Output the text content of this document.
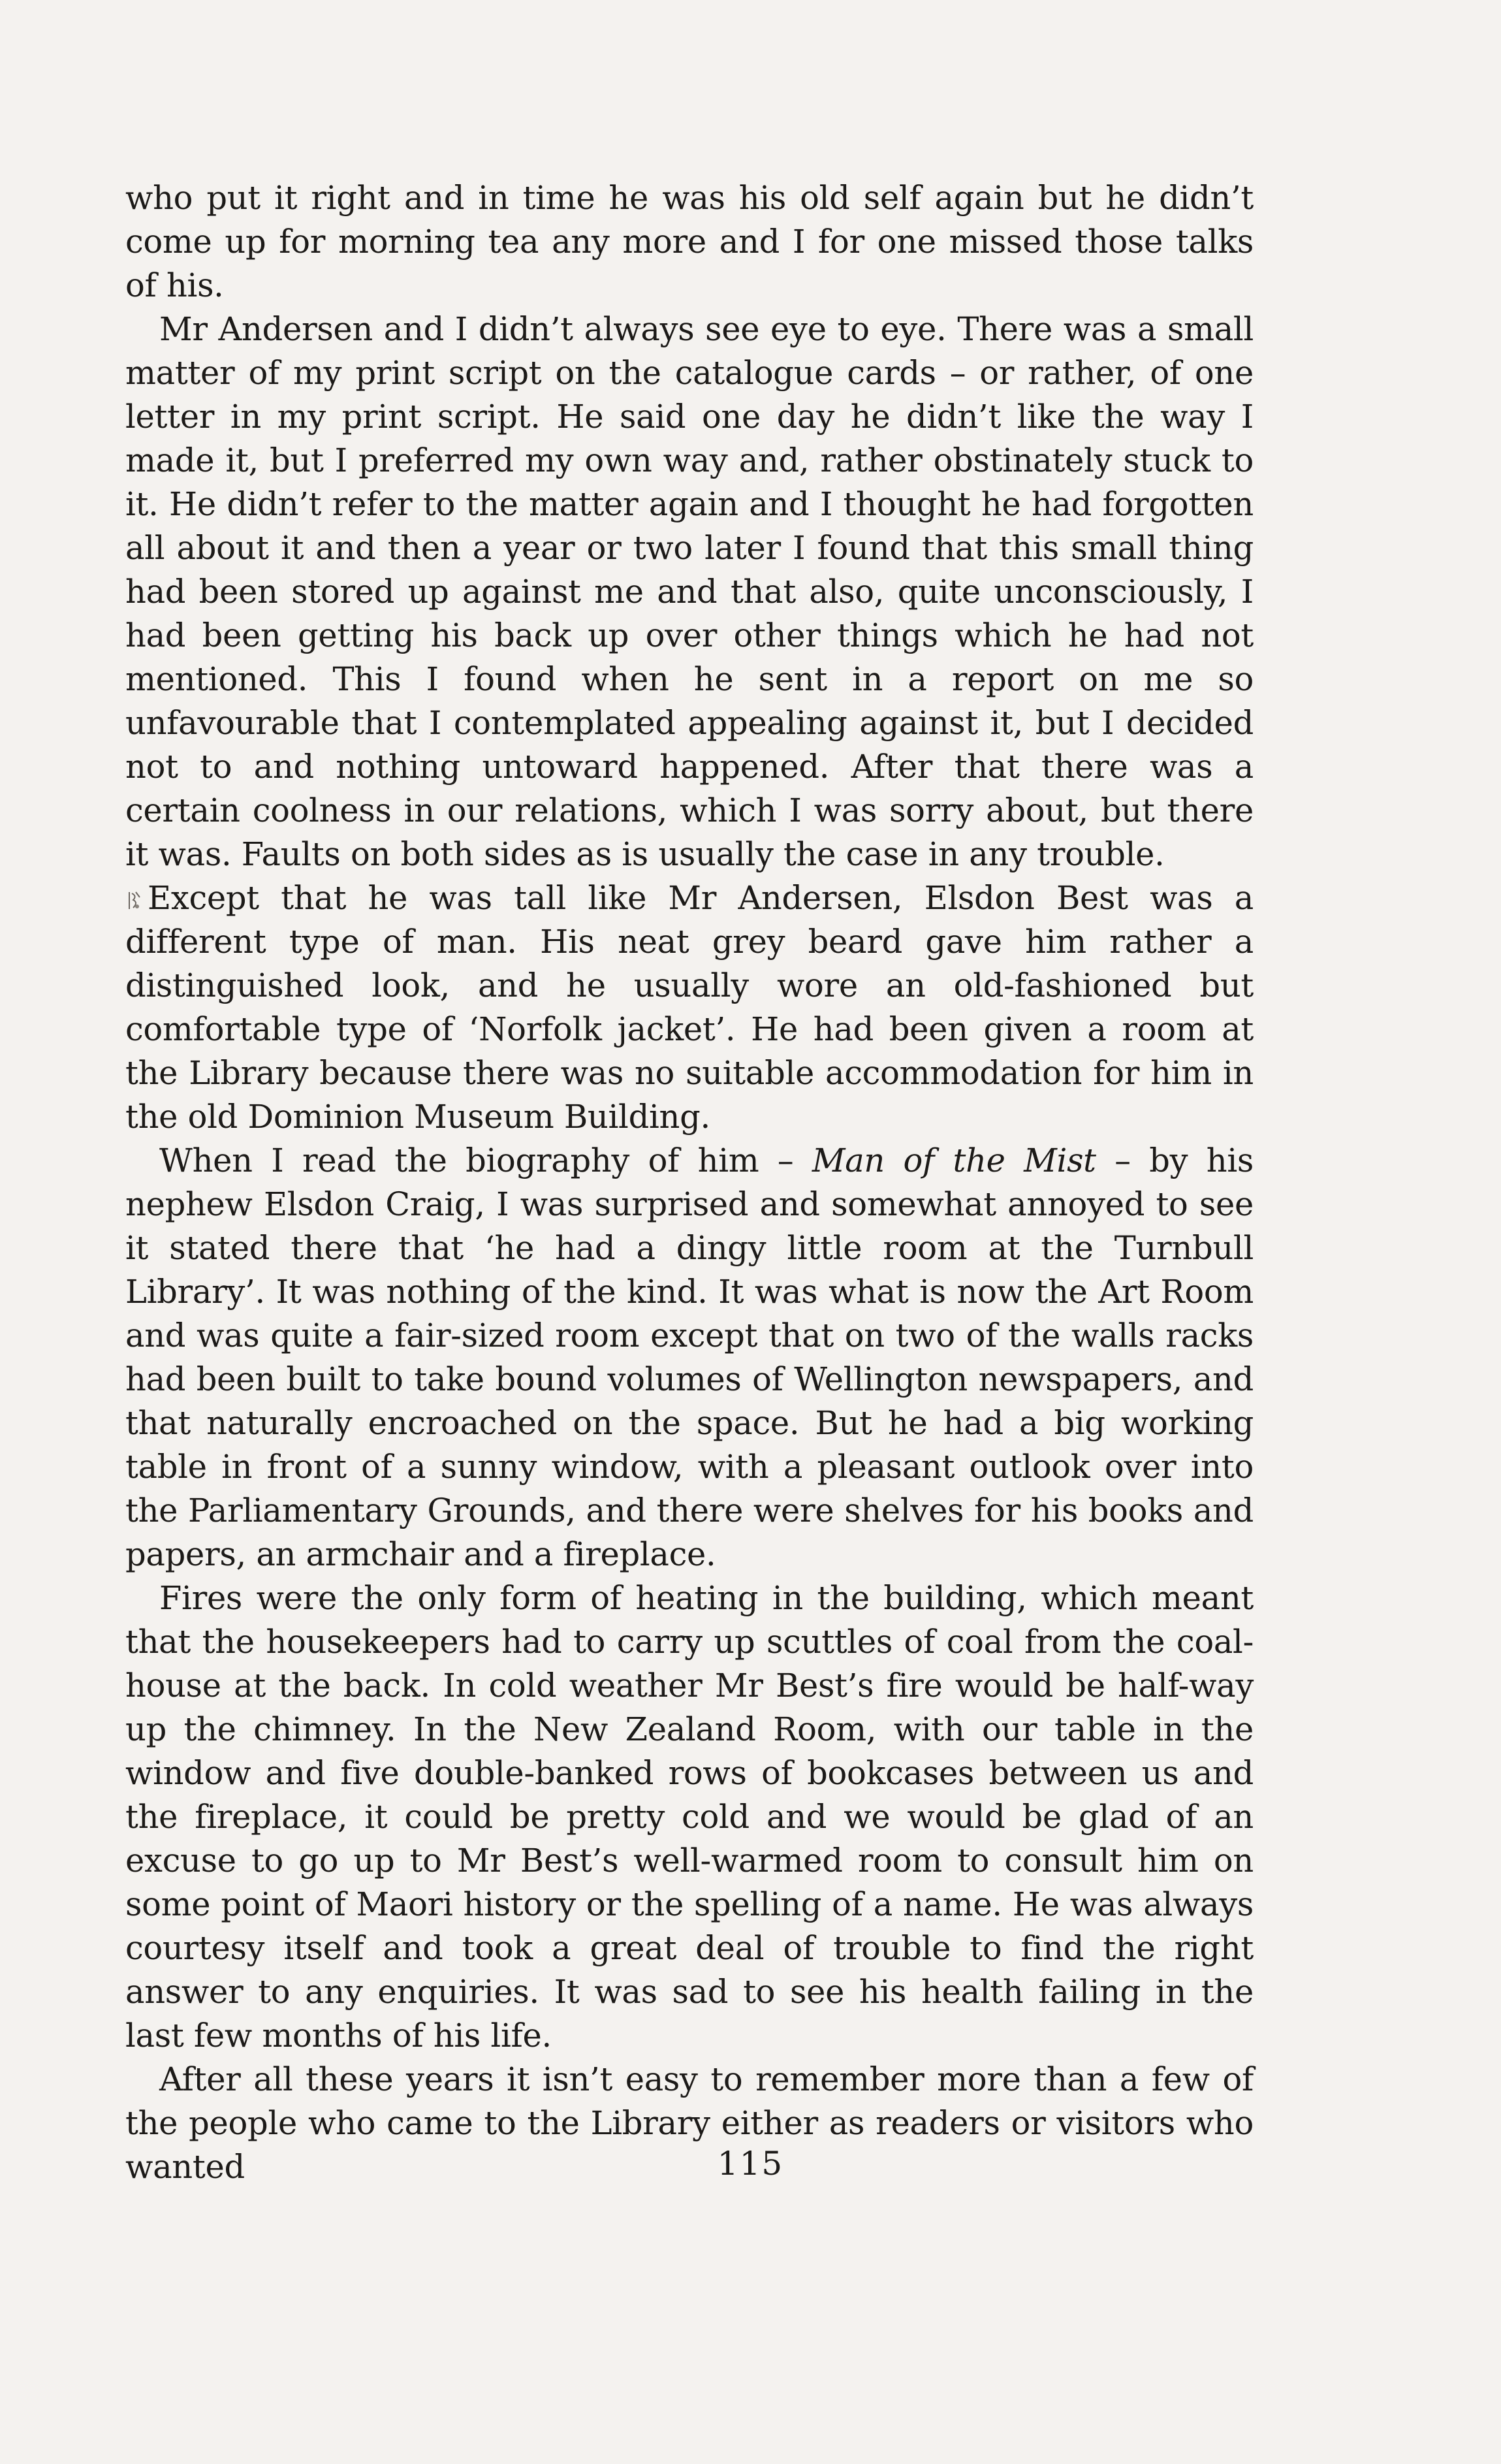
who put it right and in time he was his old self again but he didn’t come up for morning tea any more and I for one missed those talks of his.

Mr Andersen and I didn’t always see eye to eye. There was a small matter of my print script on the catalogue cards – or rather, of one letter in my print script. He said one day he didn’t like the way I made it, but I preferred my own way and, rather obstinately stuck to it. He didn’t refer to the matter again and I thought he had forgotten all about it and then a year or two later I found that this small thing had been stored up against me and that also, quite unconsciously, I had been getting his back up over other things which he had not mentioned. This I found when he sent in a report on me so unfavourable that I contemplated appealing against it, but I decided not to and nothing untoward happened. After that there was a certain coolness in our relations, which I was sorry about, but there it was. Faults on both sides as is usually the case in any trouble.

Except that he was tall like Mr Andersen, Elsdon Best was a different type of man. His neat grey beard gave him rather a distinguished look, and he usually wore an old-fashioned but comfortable type of ‘Norfolk jacket’. He had been given a room at the Library because there was no suitable accommodation for him in the old Dominion Museum Building.

When I read the biography of him – Man of the Mist – by his nephew Elsdon Craig, I was surprised and somewhat annoyed to see it stated there that ‘he had a dingy little room at the Turnbull Library’. It was nothing of the kind. It was what is now the Art Room and was quite a fair-sized room except that on two of the walls racks had been built to take bound volumes of Wellington newspapers, and that naturally encroached on the space. But he had a big working table in front of a sunny window, with a pleasant outlook over into the Parliamentary Grounds, and there were shelves for his books and papers, an armchair and a fireplace.

Fires were the only form of heating in the building, which meant that the housekeepers had to carry up scuttles of coal from the coal-house at the back. In cold weather Mr Best’s fire would be half-way up the chimney. In the New Zealand Room, with our table in the window and five double-banked rows of bookcases between us and the fireplace, it could be pretty cold and we would be glad of an excuse to go up to Mr Best’s well-warmed room to consult him on some point of Maori history or the spelling of a name. He was always courtesy itself and took a great deal of trouble to find the right answer to any enquiries. It was sad to see his health failing in the last few months of his life.

After all these years it isn’t easy to remember more than a few of the people who came to the Library either as readers or visitors who wanted	115
